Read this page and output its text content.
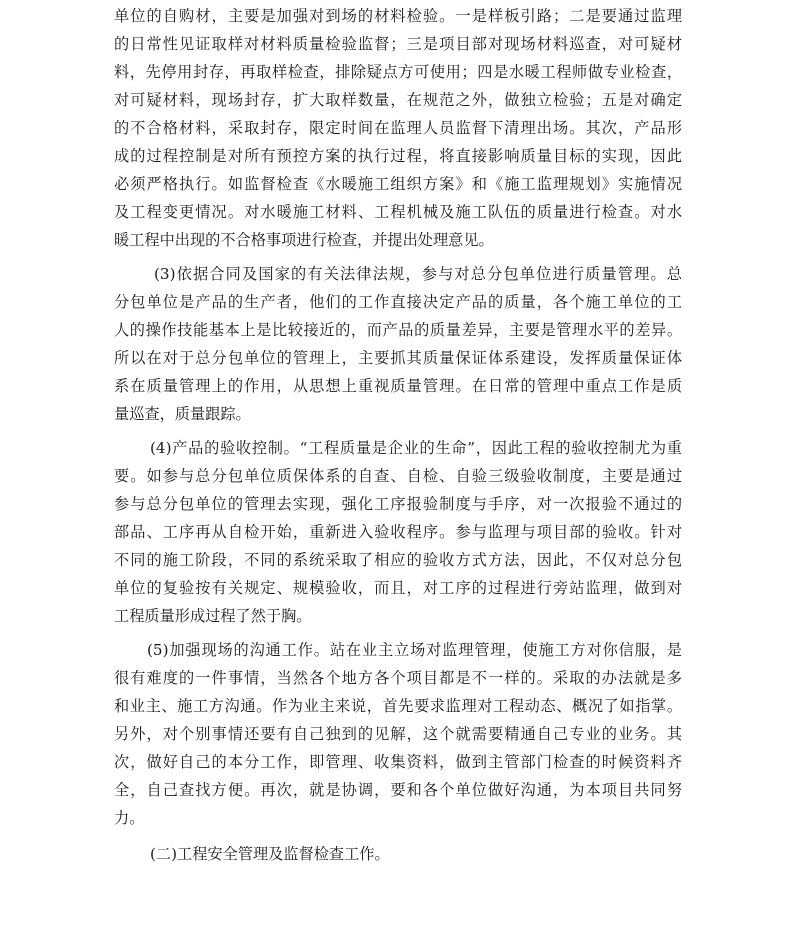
单位的自购材，主要是加强对到场的材料检验。一是样板引路；二是要通过监理
的日常性见证取样对材料质量检验监督；三是项目部对现场材料巡查，对可疑材
料，先停用封存，再取样检查，排除疑点方可使用；四是水暖工程师做专业检查，
对可疑材料，现场封存，扩大取样数量，在规范之外，做独立检验；五是对确定
的不合格材料，采取封存，限定时间在监理人员监督下清理出场。其次，产品形
成的过程控制是对所有预控方案的执行过程，将直接影响质量目标的实现，因此
必须严格执行。如监督检查《水暖施工组织方案》和《施工监理规划》实施情况
及工程变更情况。对水暖施工材料、工程机械及施工队伍的质量进行检查。对水
暖工程中出现的不合格事项进行检查，并提出处理意见。
(3)依据合同及国家的有关法律法规，参与对总分包单位进行质量管理。总
分包单位是产品的生产者，他们的工作直接决定产品的质量，各个施工单位的工
人的操作技能基本上是比较接近的，而产品的质量差异，主要是管理水平的差异。
所以在对于总分包单位的管理上，主要抓其质量保证体系建设，发挥质量保证体
系在质量管理上的作用，从思想上重视质量管理。在日常的管理中重点工作是质
量巡查，质量跟踪。
(4)产品的验收控制。“工程质量是企业的生命”，因此工程的验收控制尤为重
要。如参与总分包单位质保体系的自查、自检、自验三级验收制度，主要是通过
参与总分包单位的管理去实现，强化工序报验制度与手序，对一次报验不通过的
部品、工序再从自检开始，重新进入验收程序。参与监理与项目部的验收。针对
不同的施工阶段，不同的系统采取了相应的验收方式方法，因此，不仅对总分包
单位的复验按有关规定、规模验收，而且，对工序的过程进行旁站监理，做到对
工程质量形成过程了然于胸。
(5)加强现场的沟通工作。站在业主立场对监理管理，使施工方对你信服，是
很有难度的一件事情，当然各个地方各个项目都是不一样的。采取的办法就是多
和业主、施工方沟通。作为业主来说，首先要求监理对工程动态、概况了如指掌。
另外，对个别事情还要有自己独到的见解，这个就需要精通自己专业的业务。其
次，做好自己的本分工作，即管理、收集资料，做到主管部门检查的时候资料齐
全，自己查找方便。再次，就是协调，要和各个单位做好沟通，为本项目共同努
力。
(二)工程安全管理及监督检查工作。
